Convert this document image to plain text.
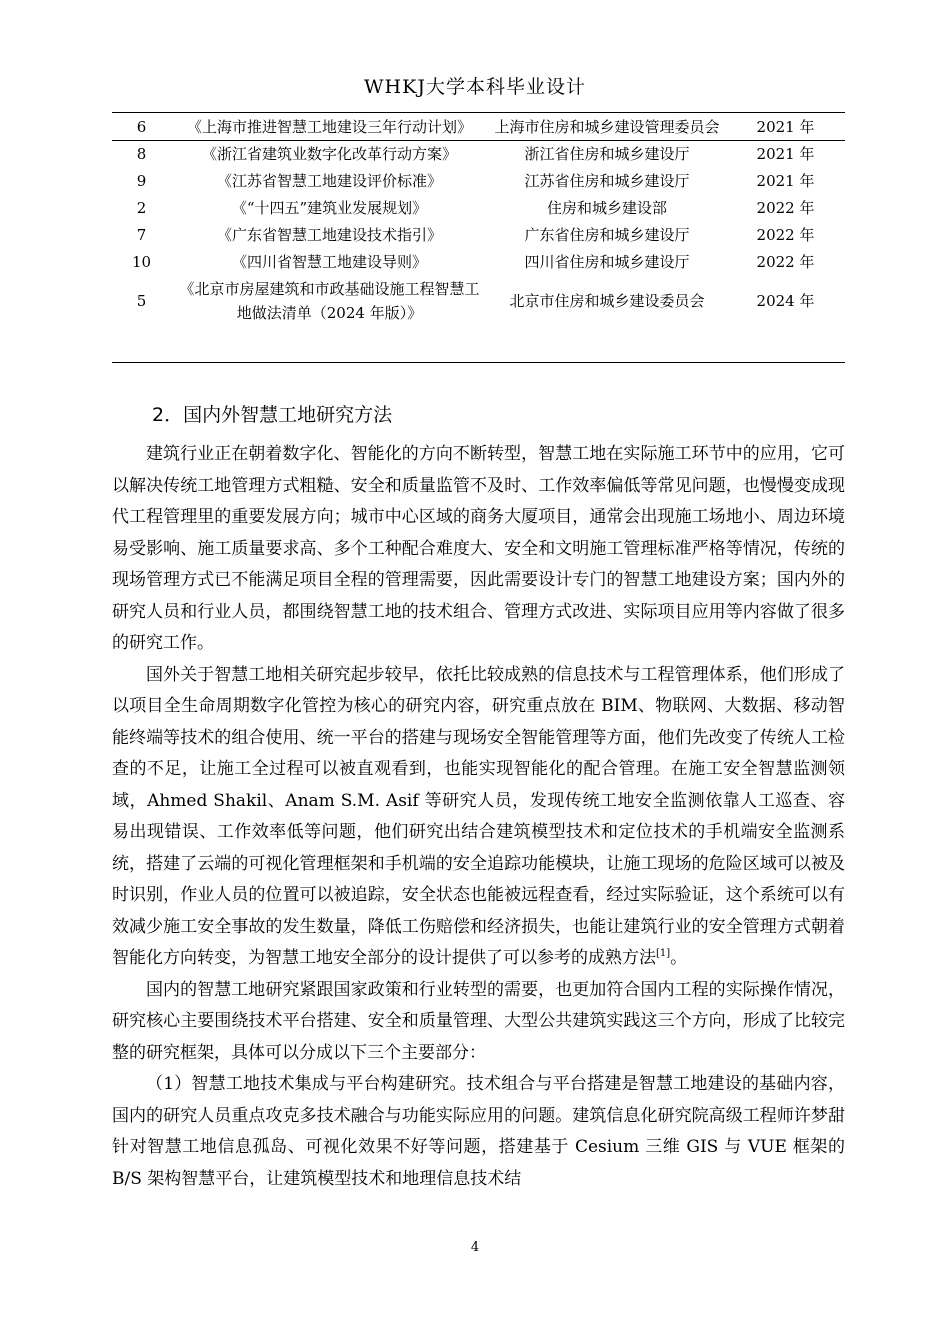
WHKJ大学本科毕业设计
6	《上海市推进智慧工地建设三年行动计划》	上海市住房和城乡建设管理委员会	2021 年
8	《浙江省建筑业数字化改革行动方案》	浙江省住房和城乡建设厅	2021 年
9	《江苏省智慧工地建设评价标准》	江苏省住房和城乡建设厅	2021 年
2	《“十四五”建筑业发展规划》	住房和城乡建设部	2022 年
7	《广东省智慧工地建设技术指引》	广东省住房和城乡建设厅	2022 年
10	《四川省智慧工地建设导则》	四川省住房和城乡建设厅	2022 年
5	《北京市房屋建筑和市政基础设施工程智慧工地做法清单（2024 年版）》	北京市住房和城乡建设委员会	2024 年
2．国内外智慧工地研究方法

建筑行业正在朝着数字化、智能化的方向不断转型，智慧工地在实际施工环节中的应用，它可以解决传统工地管理方式粗糙、安全和质量监管不及时、工作效率偏低等常见问题，也慢慢变成现代工程管理里的重要发展方向；城市中心区域的商务大厦项目，通常会出现施工场地小、周边环境易受影响、施工质量要求高、多个工种配合难度大、安全和文明施工管理标准严格等情况，传统的现场管理方式已不能满足项目全程的管理需要，因此需要设计专门的智慧工地建设方案；国内外的研究人员和行业人员，都围绕智慧工地的技术组合、管理方式改进、实际项目应用等内容做了很多的研究工作。

国外关于智慧工地相关研究起步较早，依托比较成熟的信息技术与工程管理体系，他们形成了以项目全生命周期数字化管控为核心的研究内容，研究重点放在 BIM、物联网、大数据、移动智能终端等技术的组合使用、统一平台的搭建与现场安全智能管理等方面，他们先改变了传统人工检查的不足，让施工全过程可以被直观看到，也能实现智能化的配合管理。在施工安全智慧监测领域，Ahmed Shakil、Anam S.M. Asif 等研究人员，发现传统工地安全监测依靠人工巡查、容易出现错误、工作效率低等问题，他们研究出结合建筑模型技术和定位技术的手机端安全监测系统，搭建了云端的可视化管理框架和手机端的安全追踪功能模块，让施工现场的危险区域可以被及时识别，作业人员的位置可以被追踪，安全状态也能被远程查看，经过实际验证，这个系统可以有效减少施工安全事故的发生数量，降低工伤赔偿和经济损失，也能让建筑行业的安全管理方式朝着智能化方向转变，为智慧工地安全部分的设计提供了可以参考的成熟方法[1]。

国内的智慧工地研究紧跟国家政策和行业转型的需要，也更加符合国内工程的实际操作情况，研究核心主要围绕技术平台搭建、安全和质量管理、大型公共建筑实践这三个方向，形成了比较完整的研究框架，具体可以分成以下三个主要部分：

（1）智慧工地技术集成与平台构建研究。技术组合与平台搭建是智慧工地建设的基础内容，国内的研究人员重点攻克多技术融合与功能实际应用的问题。建筑信息化研究院高级工程师许梦甜针对智慧工地信息孤岛、可视化效果不好等问题，搭建基于 Cesium 三维 GIS 与 VUE 框架的 B/S 架构智慧平台，让建筑模型技术和地理信息技术结

4
